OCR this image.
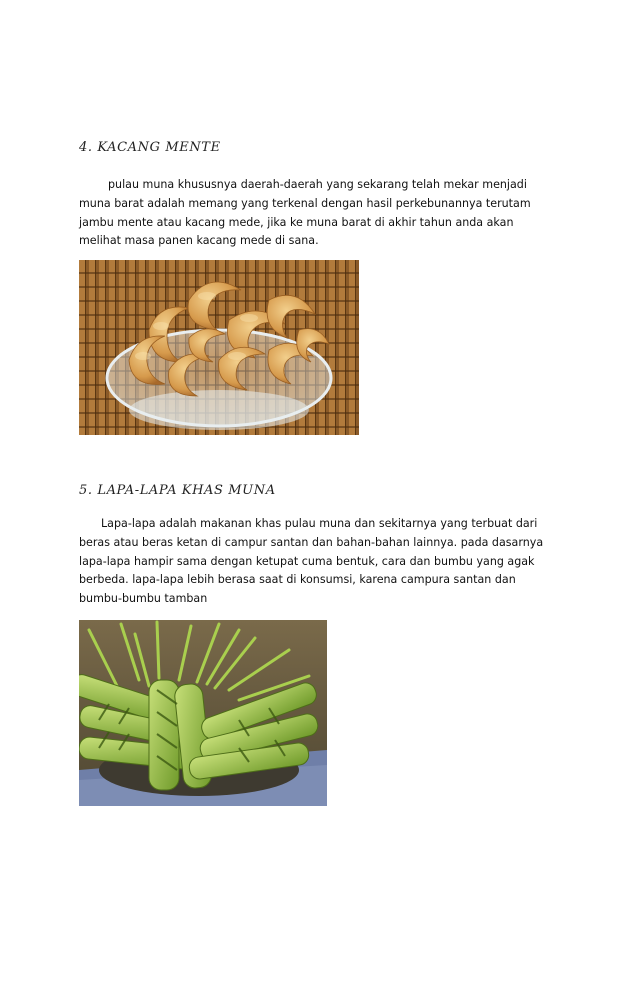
4. KACANG MENTE
pulau muna khususnya daerah-daerah yang sekarang telah mekar menjadi
muna barat adalah memang yang terkenal dengan hasil perkebunannya terutam
jambu mente atau kacang mede, jika ke muna barat di akhir tahun anda akan
melihat masa panen kacang mede di sana.
5. LAPA-LAPA KHAS MUNA
Lapa-lapa adalah makanan khas pulau muna dan sekitarnya yang terbuat dari
beras atau beras ketan di campur santan dan bahan-bahan lainnya. pada dasarnya
lapa-lapa hampir sama dengan ketupat cuma bentuk, cara dan bumbu yang agak
berbeda. lapa-lapa lebih berasa saat di konsumsi, karena campura santan dan
bumbu-bumbu tamban
